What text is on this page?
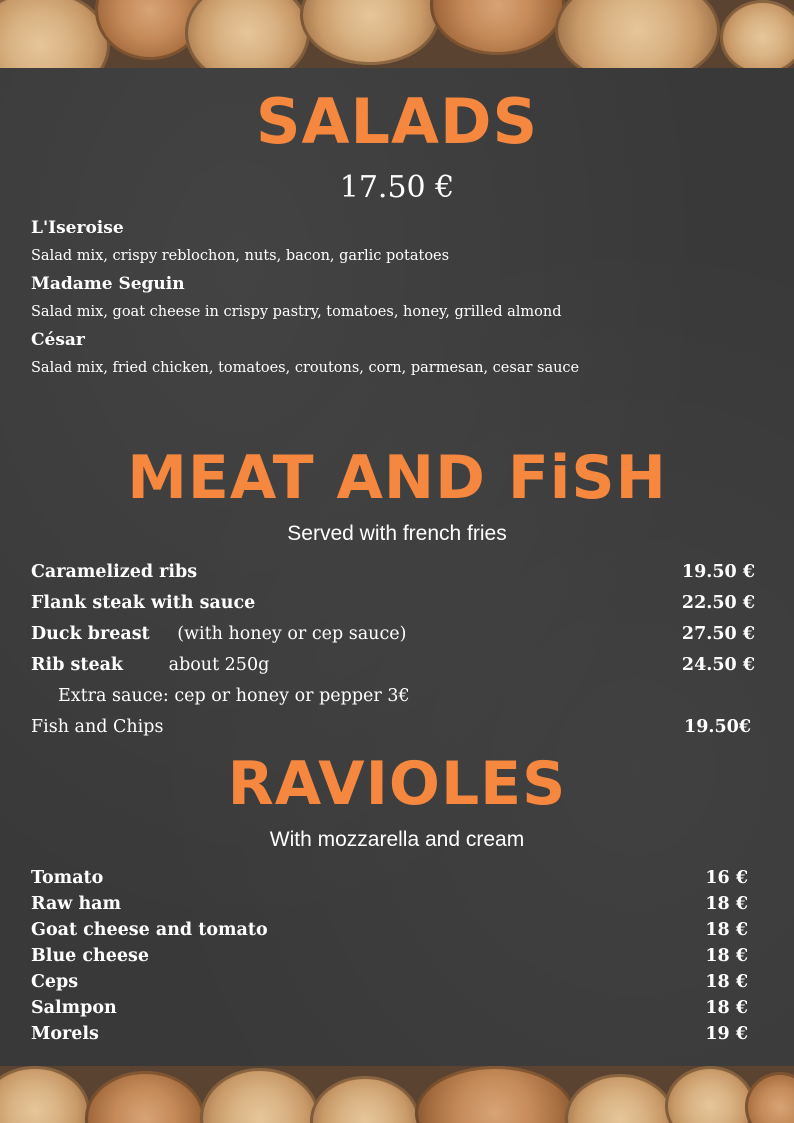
SALADS
17.50 €
L'Iseroise
Salad mix, crispy reblochon, nuts, bacon, garlic potatoes
Madame Seguin
Salad mix, goat cheese in crispy pastry, tomatoes, honey, grilled almond
César
Salad mix, fried chicken, tomatoes, croutons, corn, parmesan, cesar sauce
MEAT AND FiSH
Served with french fries
Caramelized ribs	19.50 €
Flank steak with sauce	22.50 €
Duck breast (with honey or cep sauce)	27.50 €
Rib steak	about 250g	24.50 €
Extra sauce: cep or honey or pepper 3€
Fish and Chips	19.50€
RAVIOLES
With mozzarella and cream
Tomato	16 €
Raw ham	18 €
Goat cheese and tomato	18 €
Blue cheese	18 €
Ceps	18 €
Salmpon	18 €
Morels	19 €
